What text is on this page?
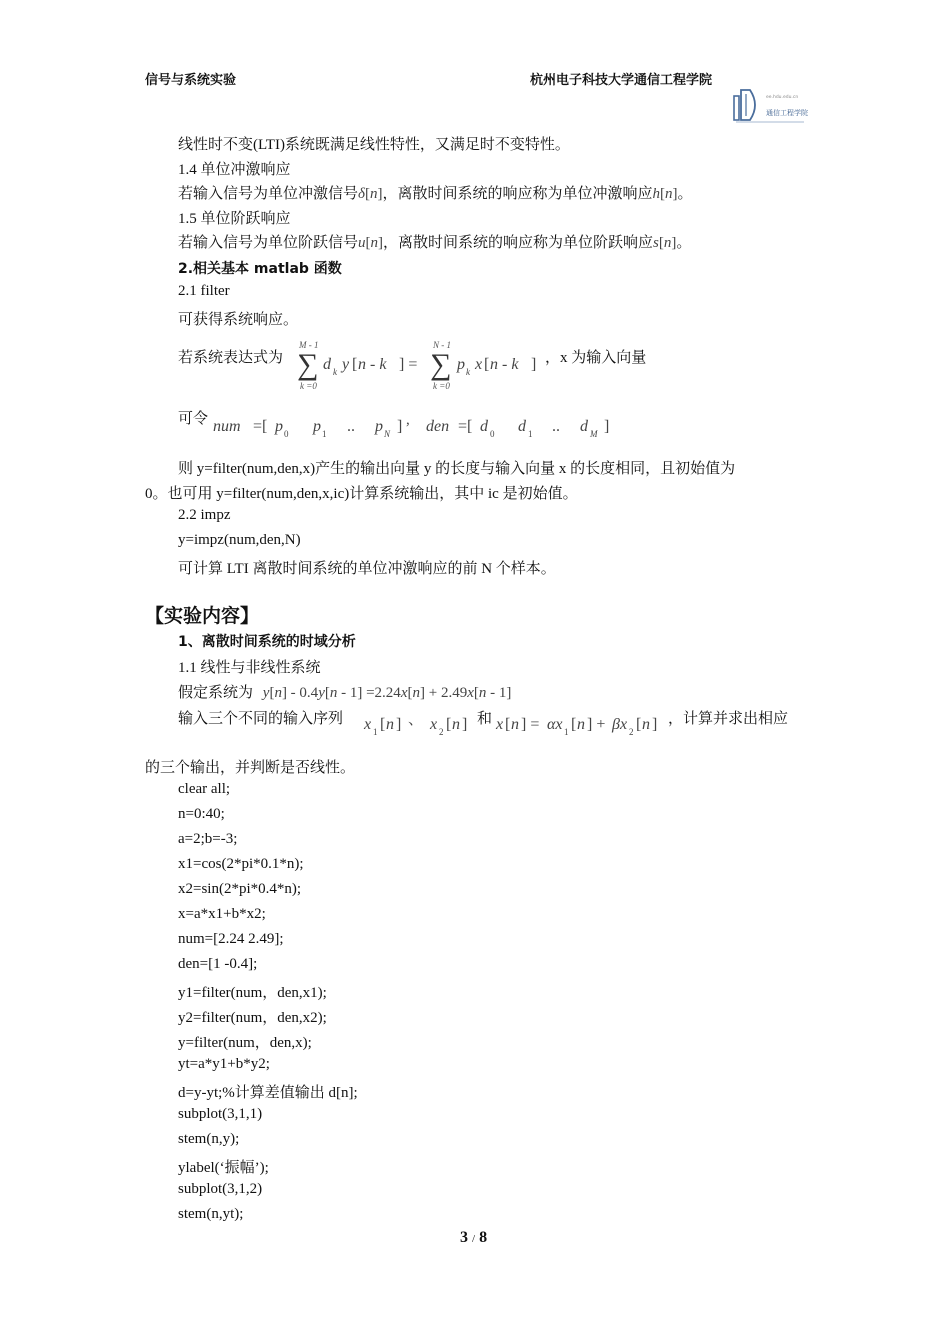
信号与系统实验	杭州电子科技大学通信工程学院
ee.hdu.edu.cn
通信工程学院
线性时不变(LTI)系统既满足线性特性，又满足时不变特性。
1.4 单位冲激响应
若输入信号为单位冲激信号δ[n]，离散时间系统的响应称为单位冲激响应h[n]。
1.5 单位阶跃响应
若输入信号为单位阶跃信号u[n]，离散时间系统的响应称为单位阶跃响应s[n]。
2.相关基本 matlab 函数
2.1 filter
可获得系统响应。
若系统表达式为
M - 1
∑
k =0
d k y [ n - k ] =
N - 1
∑
k =0
p k x [ n - k ] ，x 为输入向量
可令 num =[ p 0 p 1 .. p N ] , den =[ d 0 d 1 .. d M ]
则 y=filter(num,den,x)产生的输出向量 y 的长度与输入向量 x 的长度相同，且初始值为
0。也可用 y=filter(num,den,x,ic)计算系统输出，其中 ic 是初始值。
2.2 impz
y=impz(num,den,N)
可计算 LTI 离散时间系统的单位冲激响应的前 N 个样本。
【实验内容】
1、离散时间系统的时域分析
1.1 线性与非线性系统
假定系统为 y[n] - 0.4y[n - 1] =2.24x[n] + 2.49x[n - 1]
输入三个不同的输入序列 x 1 [ n ] 、 x 2 [ n ] 和 x [ n ] = αx 1 [ n ] + βx 2 [ n ] ，计算并求出相应
的三个输出，并判断是否线性。
clear all;
n=0:40;
a=2;b=-3;
x1=cos(2*pi*0.1*n);
x2=sin(2*pi*0.4*n);
x=a*x1+b*x2;
num=[2.24 2.49];
den=[1 -0.4];
y1=filter(num，den,x1);
y2=filter(num，den,x2);
y=filter(num，den,x);
yt=a*y1+b*y2;
d=y-yt;%计算差值输出 d[n];
subplot(3,1,1)
stem(n,y);
ylabel(‘振幅’);
subplot(3,1,2)
stem(n,yt);
3 / 8
